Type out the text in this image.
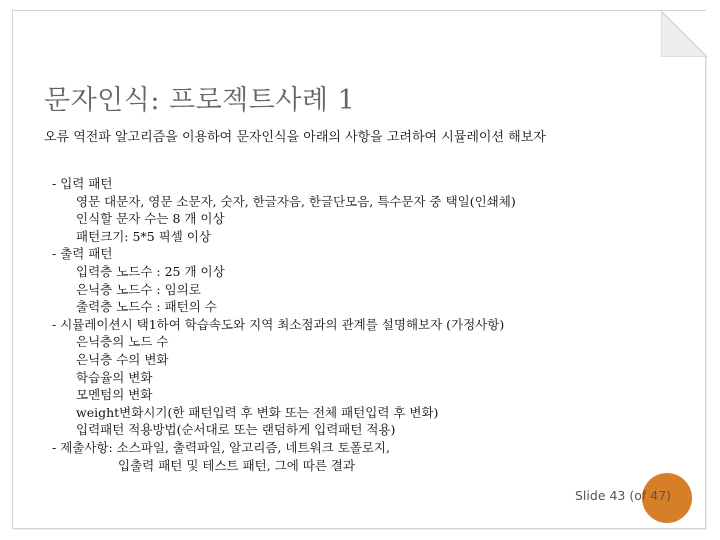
문자인식: 프로젝트사례 1

오류 역전파 알고리즘을 이용하여 문자인식을 아래의 사항을 고려하여 시뮬레이션 해보자

- 입력 패턴
영문 대문자, 영문 소문자, 숫자, 한글자음, 한글단모음, 특수문자 중 택일(인쇄체)
인식할 문자 수는 8 개 이상
패턴크기: 5*5 픽셀 이상
- 출력 패턴
입력층 노드수 : 25 개 이상
은닉층 노드수 : 임의로
출력층 노드수 : 패턴의 수
- 시뮬레이션시 택1하여 학습속도와 지역 최소점과의 관계를 설명해보자 (가정사항)
은닉층의 노드 수
은닉층 수의 변화
학습율의 변화
모멘텀의 변화
weight변화시기(한 패턴입력 후 변화 또는 전체 패턴입력 후 변화)
입력패턴 적용방법(순서대로 또는 랜덤하게 입력패턴 적용)
- 제출사항: 소스파일, 출력파일, 알고리즘, 네트워크 토폴로지,
입출력 패턴 및 테스트 패턴, 그에 따른 결과
Slide 43 (of 47)
